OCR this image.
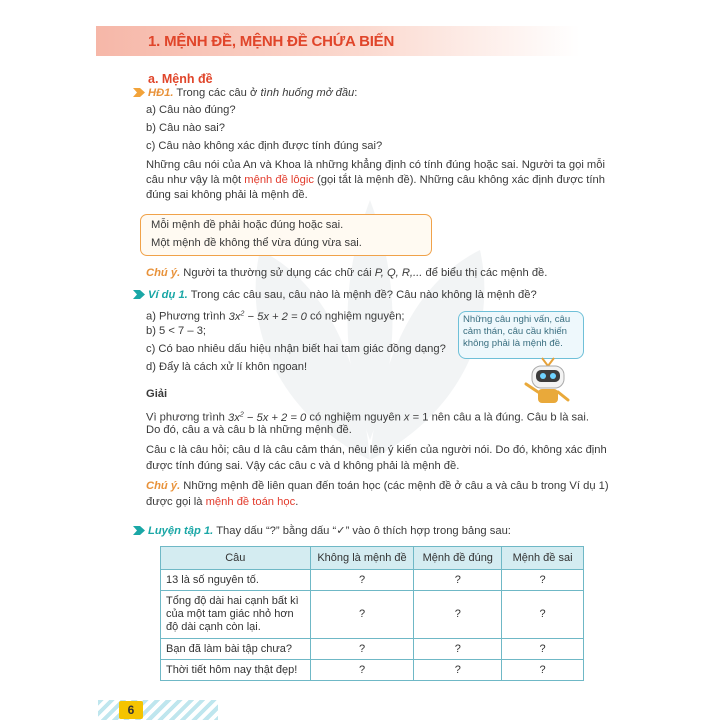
1. MỆNH ĐỀ, MỆNH ĐỀ CHỨA BIẾN
a. Mệnh đề
HĐ1. Trong các câu ở tình huống mở đầu:
a) Câu nào đúng?
b) Câu nào sai?
c) Câu nào không xác định được tính đúng sai?
Những câu nói của An và Khoa là những khẳng định có tính đúng hoặc sai. Người ta gọi mỗi
câu như vậy là một mệnh đề lôgic (gọi tắt là mệnh đề). Những câu không xác định được tính
đúng sai không phải là mệnh đề.
Mỗi mệnh đề phải hoặc đúng hoặc sai.
Một mệnh đề không thể vừa đúng vừa sai.
Chú ý. Người ta thường sử dụng các chữ cái P, Q, R,... để biểu thị các mệnh đề.
Ví dụ 1. Trong các câu sau, câu nào là mệnh đề? Câu nào không là mệnh đề?
a) Phương trình $3x^2 - 5x + 2 = 0$ có nghiệm nguyên;
b) 5 < 7 – 3;
c) Có bao nhiêu dấu hiệu nhận biết hai tam giác đồng dạng?
d) Đẩy là cách xử lí khôn ngoan!
Những câu nghi vấn, câu cảm thán, câu cầu khiến không phải là mệnh đề.
Giải
Vì phương trình $3x^2 - 5x + 2 = 0$ có nghiệm nguyên x = 1 nên câu a là đúng. Câu b là sai.
Do đó, câu a và câu b là những mệnh đề.
Câu c là câu hỏi; câu d là câu cảm thán, nêu lên ý kiến của người nói. Do đó, không xác định
được tính đúng sai. Vậy các câu c và d không phải là mệnh đề.
Chú ý. Những mệnh đề liên quan đến toán học (các mệnh đề ở câu a và câu b trong Ví dụ 1)
được gọi là mệnh đề toán học.
Luyện tập 1. Thay dấu “?” bằng dấu “✓” vào ô thích hợp trong bảng sau:
Câu	Không là mệnh đề	Mệnh đề đúng	Mệnh đề sai
13 là số nguyên tố.	?	?	?

Tổng độ dài hai cạnh bất kì
của một tam giác nhỏ hơn
độ dài cạnh còn lại.	?	?	?
Bạn đã làm bài tập chưa?	?	?	?
Thời tiết hôm nay thật đẹp!	?	?	?
6
